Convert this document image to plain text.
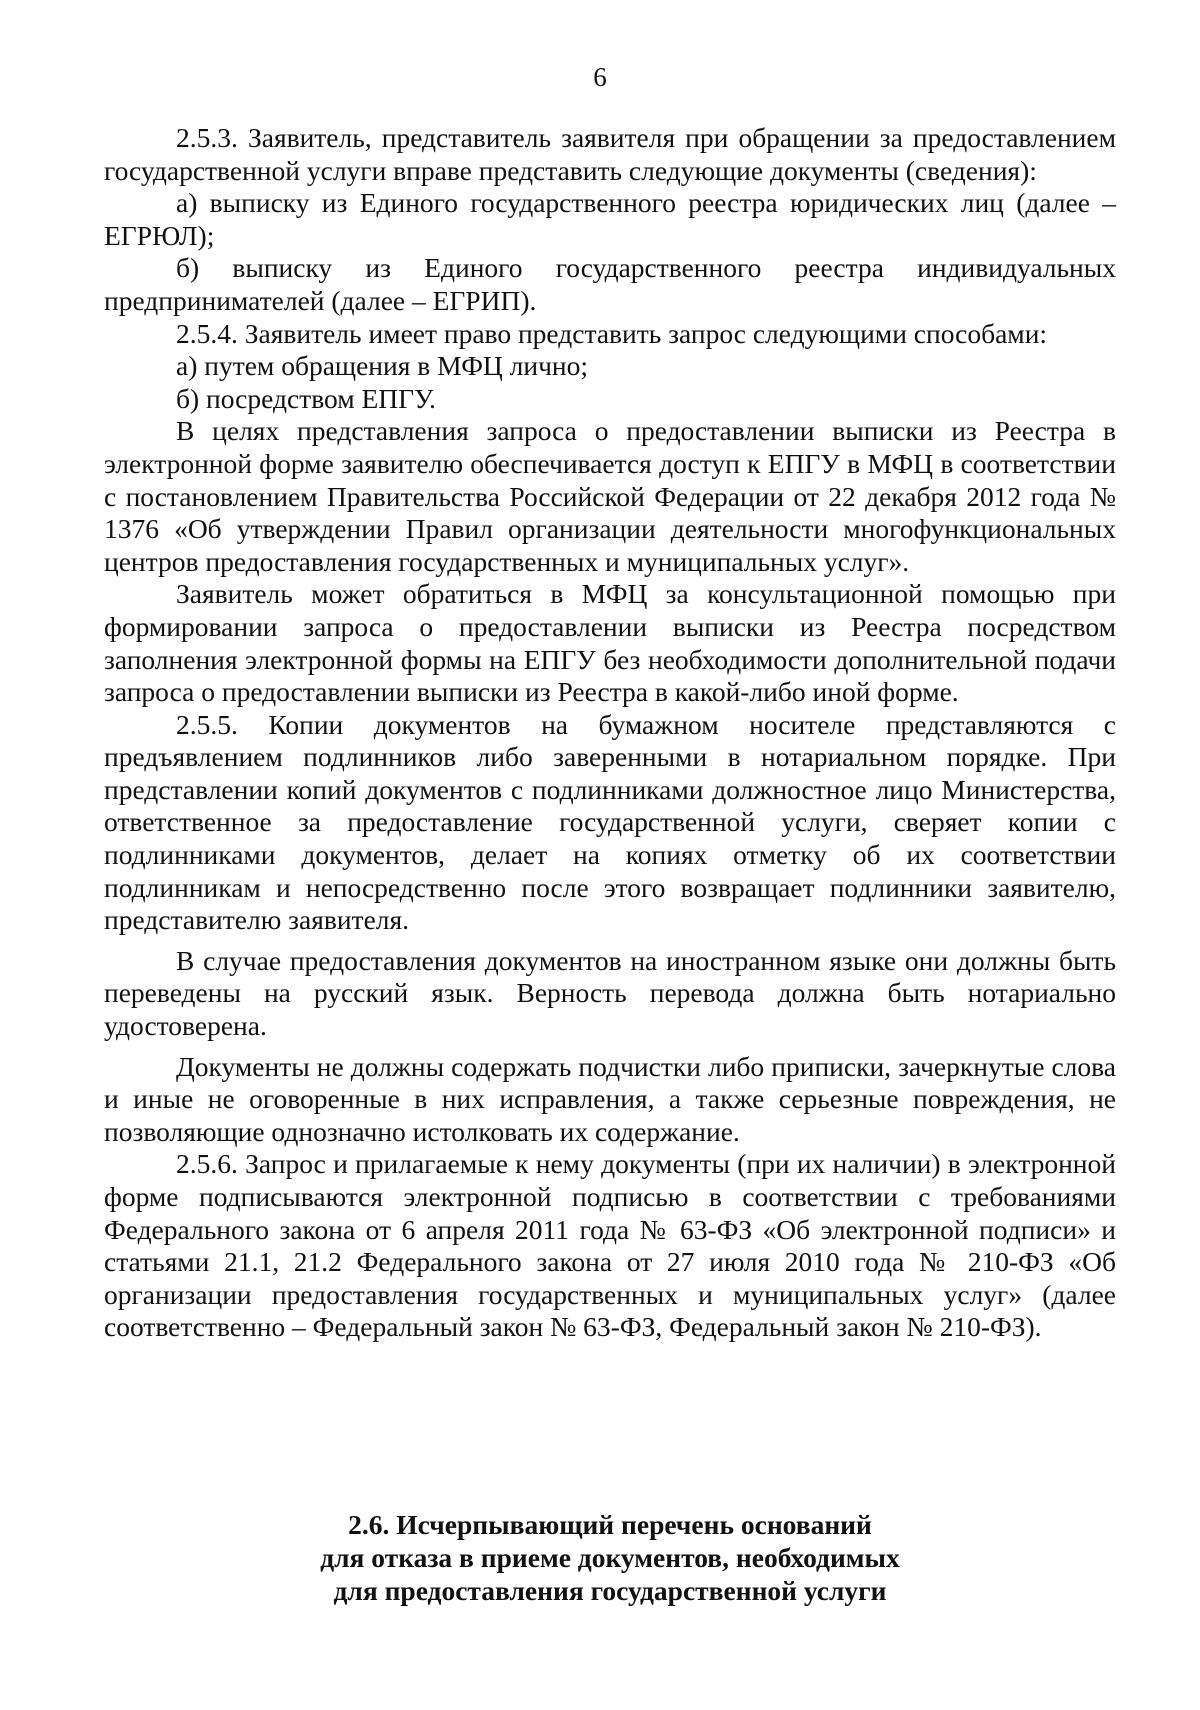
6

2.5.3. Заявитель, представитель заявителя при обращении за предоставлением государственной услуги вправе представить следующие документы (сведения):

а) выписку из Единого государственного реестра юридических лиц (далее – ЕГРЮЛ);

б) выписку из Единого государственного реестра индивидуальных предпринимателей (далее – ЕГРИП).

2.5.4. Заявитель имеет право представить запрос следующими способами:

а) путем обращения в МФЦ лично;

б) посредством ЕПГУ.

В целях представления запроса о предоставлении выписки из Реестра в электронной форме заявителю обеспечивается доступ к ЕПГУ в МФЦ в соответствии с постановлением Правительства Российской Федерации от 22 декабря 2012 года № 1376 «Об утверждении Правил организации деятельности многофункциональных центров предоставления государственных и муниципальных услуг».

Заявитель может обратиться в МФЦ за консультационной помощью при формировании запроса о предоставлении выписки из Реестра посредством заполнения электронной формы на ЕПГУ без необходимости дополнительной подачи запроса о предоставлении выписки из Реестра в какой-либо иной форме.

2.5.5. Копии документов на бумажном носителе представляются с предъявлением подлинников либо заверенными в нотариальном порядке. При представлении копий документов с подлинниками должностное лицо Министерства, ответственное за предоставление государственной услуги, сверяет копии с подлинниками документов, делает на копиях отметку об их соответствии подлинникам и непосредственно после этого возвращает подлинники заявителю, представителю заявителя.

В случае предоставления документов на иностранном языке они должны быть переведены на русский язык. Верность перевода должна быть нотариально удостоверена.

Документы не должны содержать подчистки либо приписки, зачеркнутые слова и иные не оговоренные в них исправления, а также серьезные повреждения, не позволяющие однозначно истолковать их содержание.

2.5.6. Запрос и прилагаемые к нему документы (при их наличии) в электронной форме подписываются электронной подписью в соответствии с требованиями Федерального закона от 6 апреля 2011 года № 63-ФЗ «Об электронной подписи» и статьями 21.1, 21.2 Федерального закона от 27 июля 2010 года № 210-ФЗ «Об организации предоставления государственных и муниципальных услуг» (далее соответственно – Федеральный закон № 63-ФЗ, Федеральный закон № 210-ФЗ).

2.6. Исчерпывающий перечень оснований
для отказа в приеме документов, необходимых
для предоставления государственной услуги
